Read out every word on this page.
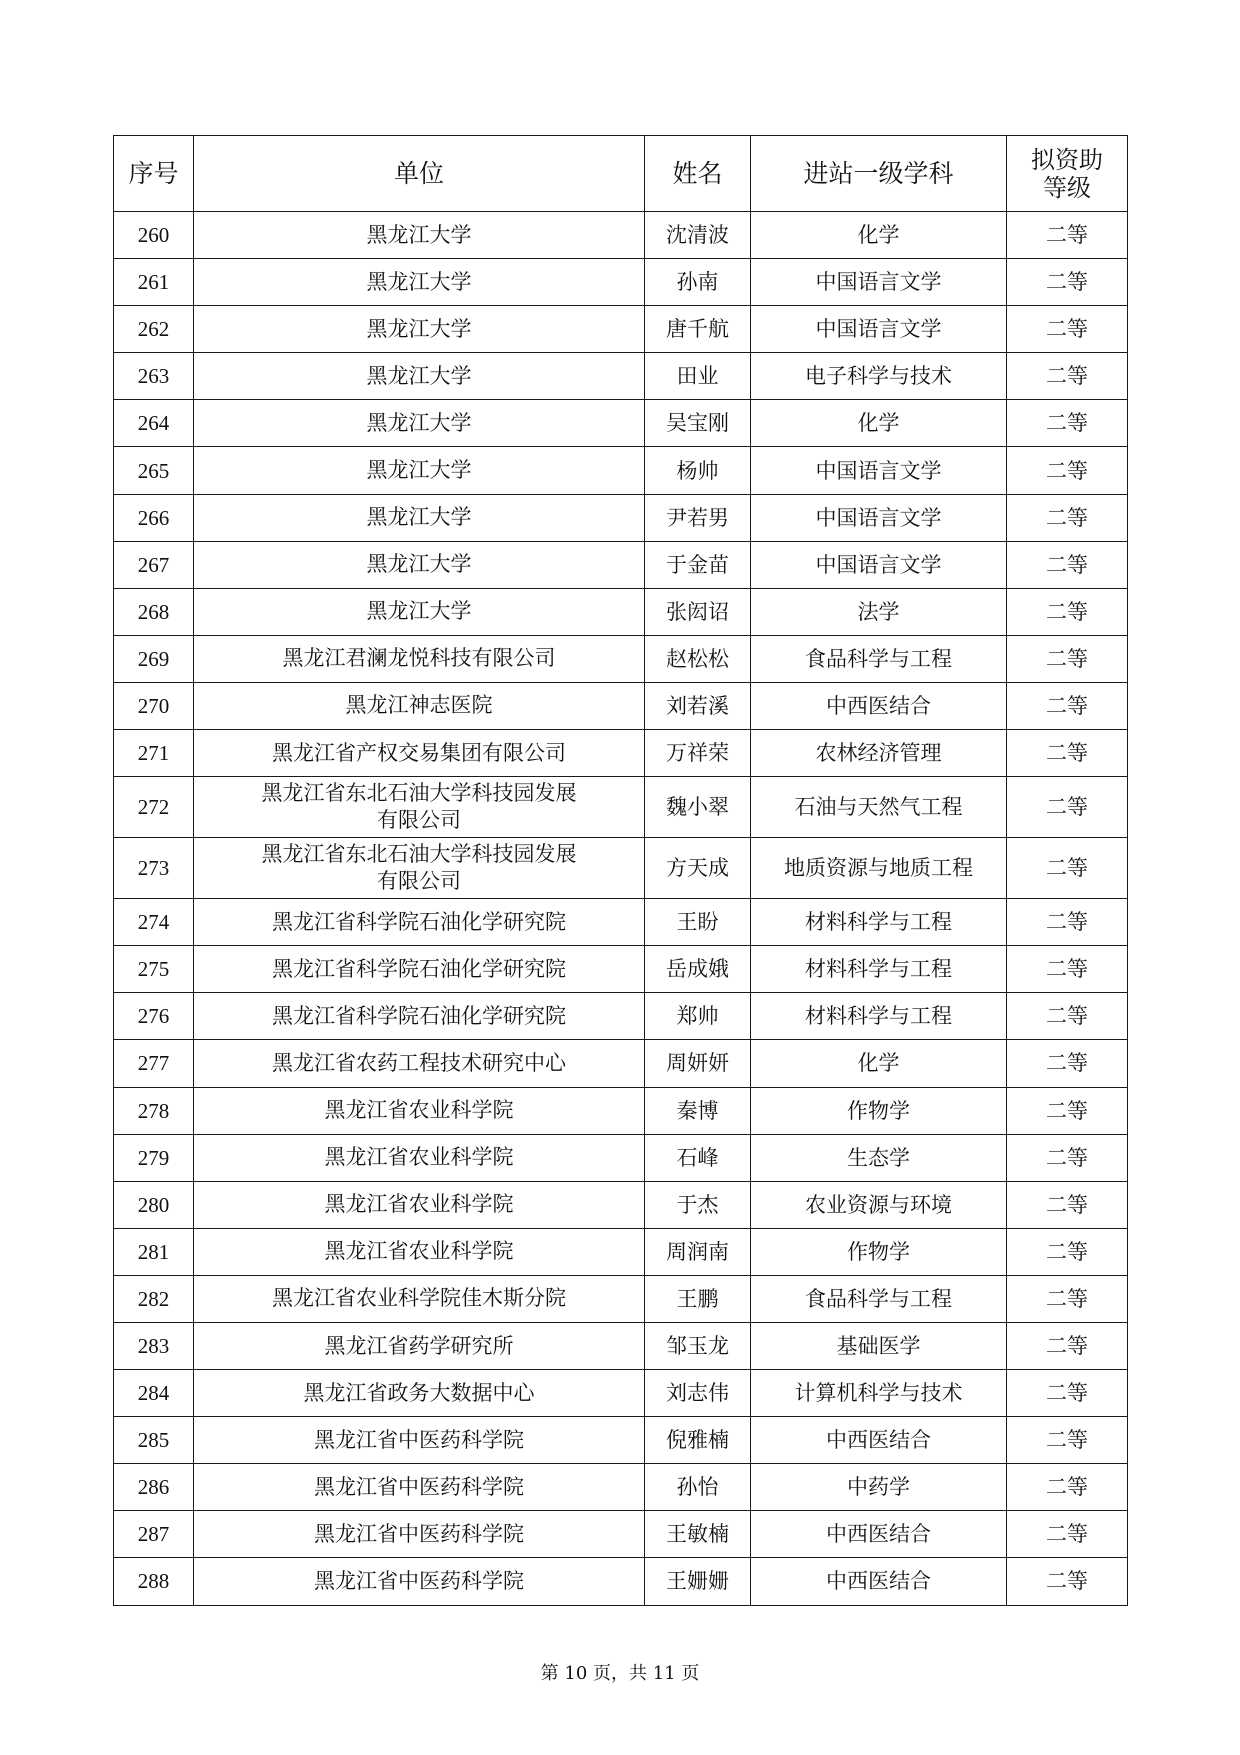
序号	单位	姓名	进站一级学科	拟资助
等级
260	黑龙江大学	沈清波	化学	二等
261	黑龙江大学	孙南	中国语言文学	二等
262	黑龙江大学	唐千航	中国语言文学	二等
263	黑龙江大学	田业	电子科学与技术	二等
264	黑龙江大学	吴宝刚	化学	二等
265	黑龙江大学	杨帅	中国语言文学	二等
266	黑龙江大学	尹若男	中国语言文学	二等
267	黑龙江大学	于金苗	中国语言文学	二等
268	黑龙江大学	张闳诏	法学	二等
269	黑龙江君澜龙悦科技有限公司	赵松松	食品科学与工程	二等
270	黑龙江神志医院	刘若溪	中西医结合	二等
271	黑龙江省产权交易集团有限公司	万祥荣	农林经济管理	二等
272	黑龙江省东北石油大学科技园发展
有限公司	魏小翠	石油与天然气工程	二等
273	黑龙江省东北石油大学科技园发展
有限公司	方天成	地质资源与地质工程	二等
274	黑龙江省科学院石油化学研究院	王盼	材料科学与工程	二等
275	黑龙江省科学院石油化学研究院	岳成娥	材料科学与工程	二等
276	黑龙江省科学院石油化学研究院	郑帅	材料科学与工程	二等
277	黑龙江省农药工程技术研究中心	周妍妍	化学	二等
278	黑龙江省农业科学院	秦博	作物学	二等
279	黑龙江省农业科学院	石峰	生态学	二等
280	黑龙江省农业科学院	于杰	农业资源与环境	二等
281	黑龙江省农业科学院	周润南	作物学	二等
282	黑龙江省农业科学院佳木斯分院	王鹏	食品科学与工程	二等
283	黑龙江省药学研究所	邹玉龙	基础医学	二等
284	黑龙江省政务大数据中心	刘志伟	计算机科学与技术	二等
285	黑龙江省中医药科学院	倪雅楠	中西医结合	二等
286	黑龙江省中医药科学院	孙怡	中药学	二等
287	黑龙江省中医药科学院	王敏楠	中西医结合	二等
288	黑龙江省中医药科学院	王姗姗	中西医结合	二等
第 10 页，共 11 页
